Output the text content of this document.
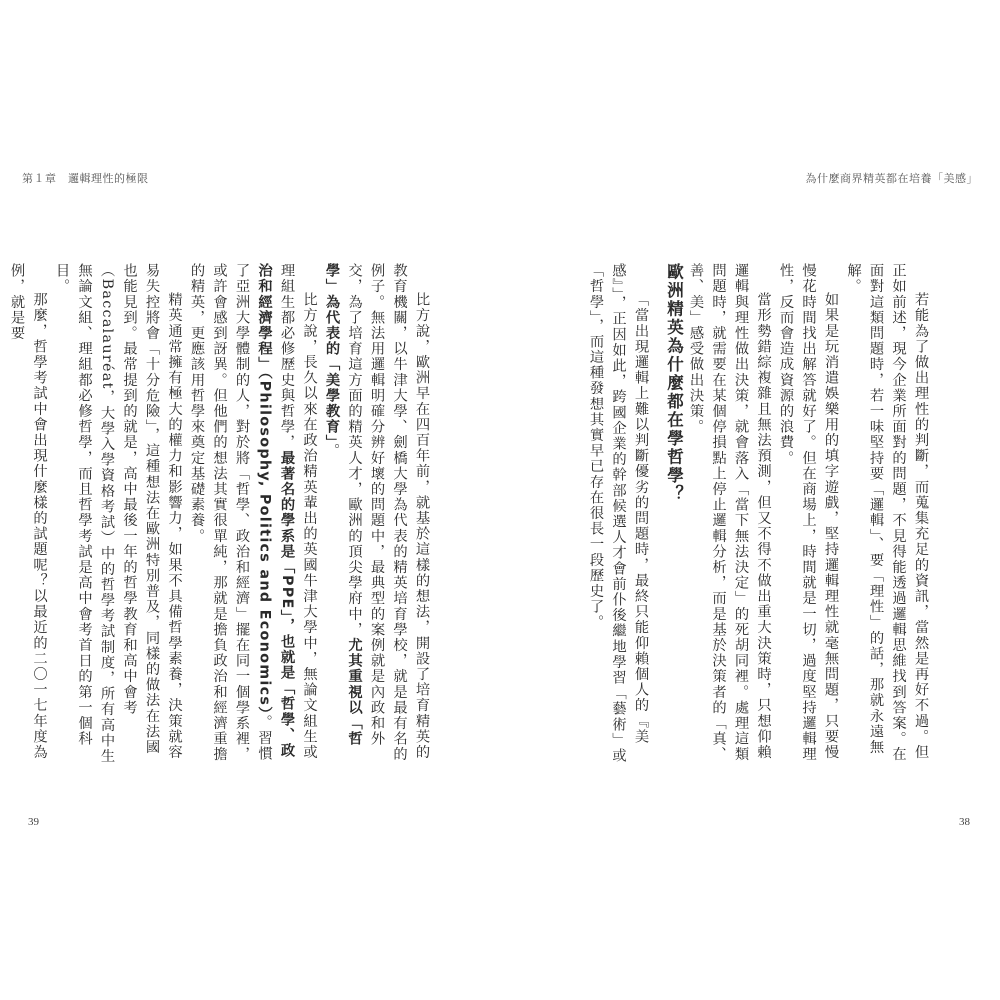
為什麼商界精英都在培養「美感」

若能為了做出理性的判斷，而蒐集充足的資訊，當然是再好不過。但正如前述，現今企業所面對的問題，不見得能透過邏輯思維找到答案。在面對這類問題時，若一味堅持要「邏輯」、要「理性」的話，那就永遠無解。

如果是玩消遣娛樂用的填字遊戲，堅持邏輯理性就毫無問題，只要慢慢花時間找出解答就好了。但在商場上，時間就是一切，過度堅持邏輯理性，反而會造成資源的浪費。

當形勢錯綜複雜且無法預測，但又不得不做出重大決策時，只想仰賴邏輯與理性做出決策，就會落入「當下無法決定」的死胡同裡。處理這類問題時，就需要在某個停損點上停止邏輯分析，而是基於決策者的「真、善、美」感受做出決策。

歐洲精英為什麼都在學哲學？

「當出現邏輯上難以判斷優劣的問題時，最終只能仰賴個人的『美感』」，正因如此，跨國企業的幹部候選人才會前仆後繼地學習「藝術」或「哲學」，而這種發想其實早已存在很長一段歷史了。

38
第１章　邏輯理性的極限

比方說，歐洲早在四百年前，就基於這樣的想法，開設了培育精英的教育機關，以牛津大學、劍橋大學為代表的精英培育學校，就是最有名的例子。無法用邏輯明確分辨好壞的問題中，最典型的案例就是內政和外交，為了培育這方面的精英人才，歐洲的頂尖學府中，尤其重視以「哲學」為代表的「美學教育」。

比方說，長久以來在政治精英輩出的英國牛津大學中，無論文組生或理組生都必修歷史與哲學，最著名的學系是「PPE」，也就是「哲學、政治和經濟學程」（Philosophy, Politics and Economics）。習慣了亞洲大學體制的人，對於將「哲學、政治和經濟」擺在同一個學系裡，或許會感到訝異。但他們的想法其實很單純，那就是擔負政治和經濟重擔的精英，更應該用哲學來奠定基礎素養。

精英通常擁有極大的權力和影響力，如果不具備哲學素養，決策就容易失控將會「十分危險」，這種想法在歐洲特別普及，同樣的做法在法國也能見到。最常提到的就是，高中最後一年的哲學教育和高中會考（Baccalauréat，大學入學資格考試）中的哲學考試制度，所有高中生無論文組、理組都必修哲學，而且哲學考試是高中會考首日的第一個科目。

那麼，哲學考試中會出現什麼樣的試題呢？以最近的二〇一七年度為例，就是要

39
